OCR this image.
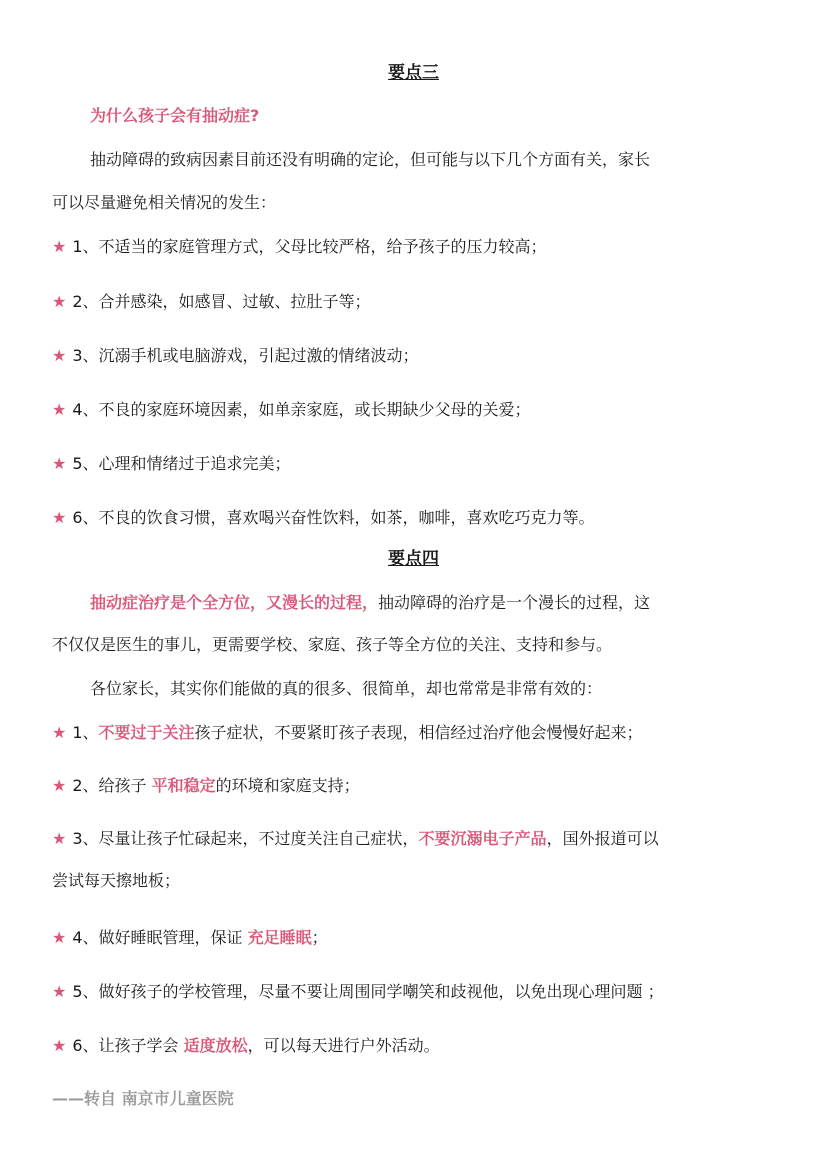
要点三
为什么孩子会有抽动症?
抽动障碍的致病因素目前还没有明确的定论，但可能与以下几个方面有关，家长
可以尽量避免相关情况的发生：
★ 1、不适当的家庭管理方式，父母比较严格，给予孩子的压力较高；
★ 2、合并感染，如感冒、过敏、拉肚子等；
★ 3、沉溺手机或电脑游戏，引起过激的情绪波动；
★ 4、不良的家庭环境因素，如单亲家庭，或长期缺少父母的关爱；
★ 5、心理和情绪过于追求完美；
★ 6、不良的饮食习惯，喜欢喝兴奋性饮料，如茶，咖啡，喜欢吃巧克力等。
要点四
抽动症治疗是个全方位，又漫长的过程，抽动障碍的治疗是一个漫长的过程，这
不仅仅是医生的事儿，更需要学校、家庭、孩子等全方位的关注、支持和参与。
各位家长，其实你们能做的真的很多、很简单，却也常常是非常有效的：
★ 1、不要过于关注孩子症状，不要紧盯孩子表现，相信经过治疗他会慢慢好起来；
★ 2、给孩子 平和稳定的环境和家庭支持；
★ 3、尽量让孩子忙碌起来，不过度关注自己症状，不要沉溺电子产品，国外报道可以
尝试每天擦地板；
★ 4、做好睡眠管理，保证 充足睡眠；
★ 5、做好孩子的学校管理，尽量不要让周围同学嘲笑和歧视他，以免出现心理问题 ；
★ 6、让孩子学会 适度放松，可以每天进行户外活动。
——转自 南京市儿童医院
